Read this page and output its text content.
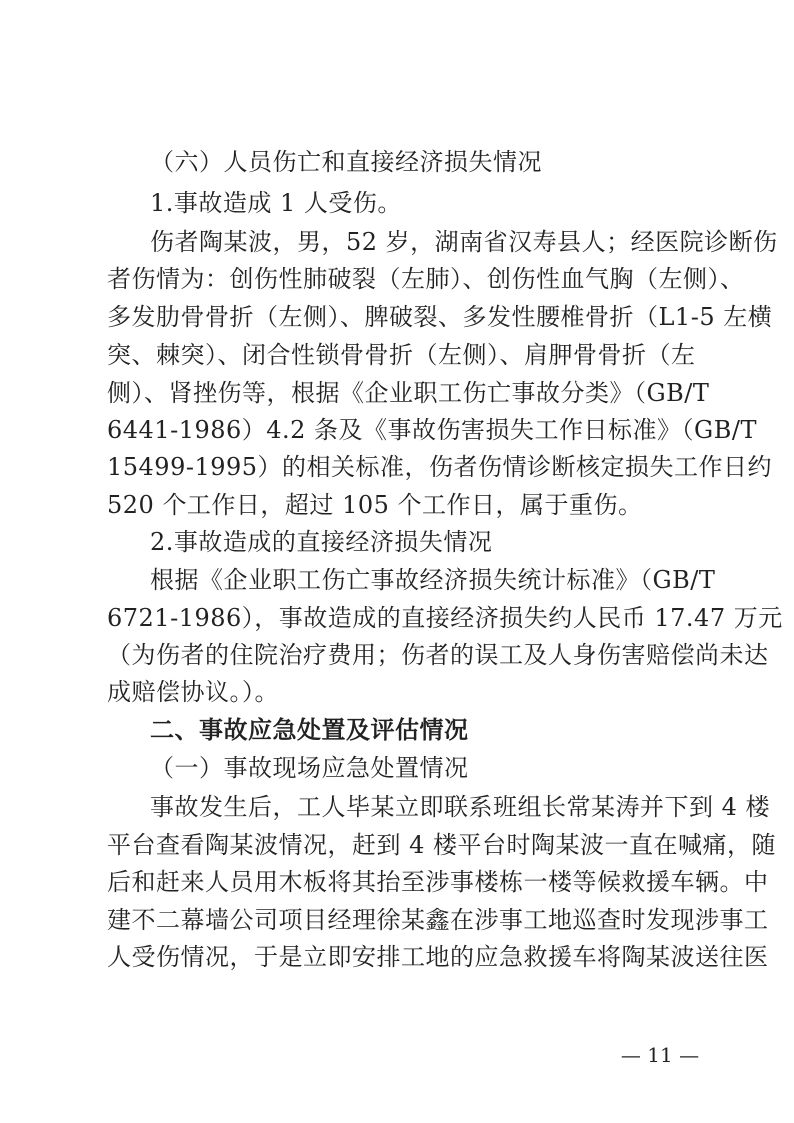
（六）人员伤亡和直接经济损失情况
1.事故造成 1 人受伤。
伤者陶某波，男，52 岁，湖南省汉寿县人；经医院诊断伤
者伤情为：创伤性肺破裂（左肺）、创伤性血气胸（左侧）、
多发肋骨骨折（左侧）、脾破裂、多发性腰椎骨折（L1-5 左横
突、棘突）、闭合性锁骨骨折（左侧）、肩胛骨骨折（左
侧）、肾挫伤等，根据《企业职工伤亡事故分类》（GB/T
6441-1986）4.2 条及《事故伤害损失工作日标准》（GB/T
15499-1995）的相关标准，伤者伤情诊断核定损失工作日约
520 个工作日，超过 105 个工作日，属于重伤。
2.事故造成的直接经济损失情况
根据《企业职工伤亡事故经济损失统计标准》（GB/T
6721-1986），事故造成的直接经济损失约人民币 17.47 万元
（为伤者的住院治疗费用；伤者的误工及人身伤害赔偿尚未达
成赔偿协议。）。
二、事故应急处置及评估情况
（一）事故现场应急处置情况
事故发生后，工人毕某立即联系班组长常某涛并下到 4 楼
平台查看陶某波情况，赶到 4 楼平台时陶某波一直在喊痛，随
后和赶来人员用木板将其抬至涉事楼栋一楼等候救援车辆。中
建不二幕墙公司项目经理徐某鑫在涉事工地巡查时发现涉事工
人受伤情况，于是立即安排工地的应急救援车将陶某波送往医
— 11 —
